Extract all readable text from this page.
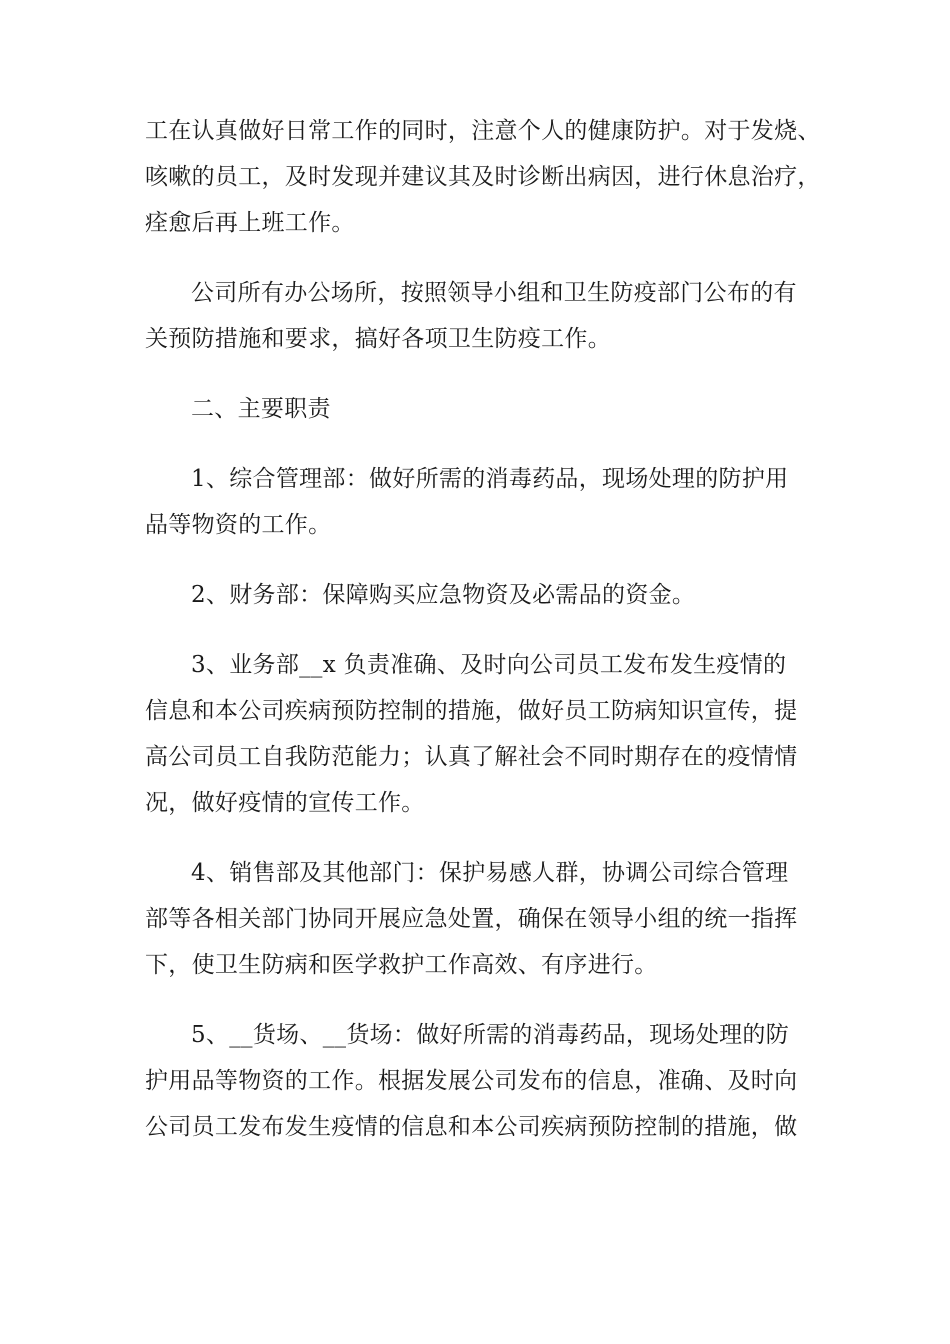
工在认真做好日常工作的同时，注意个人的健康防护。对于发烧、
咳嗽的员工，及时发现并建议其及时诊断出病因，进行休息治疗，
痊愈后再上班工作。

公司所有办公场所，按照领导小组和卫生防疫部门公布的有
关预防措施和要求，搞好各项卫生防疫工作。

二、主要职责

1、综合管理部：做好所需的消毒药品，现场处理的防护用
品等物资的工作。

2、财务部：保障购买应急物资及必需品的资金。

3、业务部__x 负责准确、及时向公司员工发布发生疫情的
信息和本公司疾病预防控制的措施，做好员工防病知识宣传，提
高公司员工自我防范能力；认真了解社会不同时期存在的疫情情
况，做好疫情的宣传工作。

4、销售部及其他部门：保护易感人群，协调公司综合管理
部等各相关部门协同开展应急处置，确保在领导小组的统一指挥
下，使卫生防病和医学救护工作高效、有序进行。

5、__货场、__货场：做好所需的消毒药品，现场处理的防
护用品等物资的工作。根据发展公司发布的信息，准确、及时向
公司员工发布发生疫情的信息和本公司疾病预防控制的措施，做
